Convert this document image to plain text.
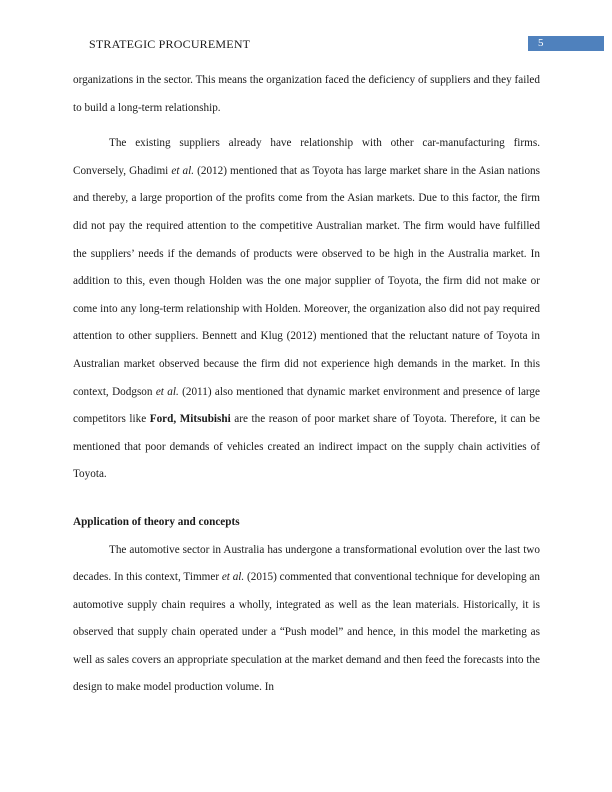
STRATEGIC PROCUREMENT	5

organizations in the sector. This means the organization faced the deficiency of suppliers and they failed to build a long-term relationship.

The existing suppliers already have relationship with other car-manufacturing firms. Conversely, Ghadimi et al. (2012) mentioned that as Toyota has large market share in the Asian nations and thereby, a large proportion of the profits come from the Asian markets. Due to this factor, the firm did not pay the required attention to the competitive Australian market. The firm would have fulfilled the suppliers’ needs if the demands of products were observed to be high in the Australia market. In addition to this, even though Holden was the one major supplier of Toyota, the firm did not make or come into any long-term relationship with Holden. Moreover, the organization also did not pay required attention to other suppliers. Bennett and Klug (2012) mentioned that the reluctant nature of Toyota in Australian market observed because the firm did not experience high demands in the market. In this context, Dodgson et al. (2011) also mentioned that dynamic market environment and presence of large competitors like Ford, Mitsubishi are the reason of poor market share of Toyota. Therefore, it can be mentioned that poor demands of vehicles created an indirect impact on the supply chain activities of Toyota.

Application of theory and concepts

The automotive sector in Australia has undergone a transformational evolution over the last two decades. In this context, Timmer et al. (2015) commented that conventional technique for developing an automotive supply chain requires a wholly, integrated as well as the lean materials. Historically, it is observed that supply chain operated under a “Push model” and hence, in this model the marketing as well as sales covers an appropriate speculation at the market demand and then feed the forecasts into the design to make model production volume. In
